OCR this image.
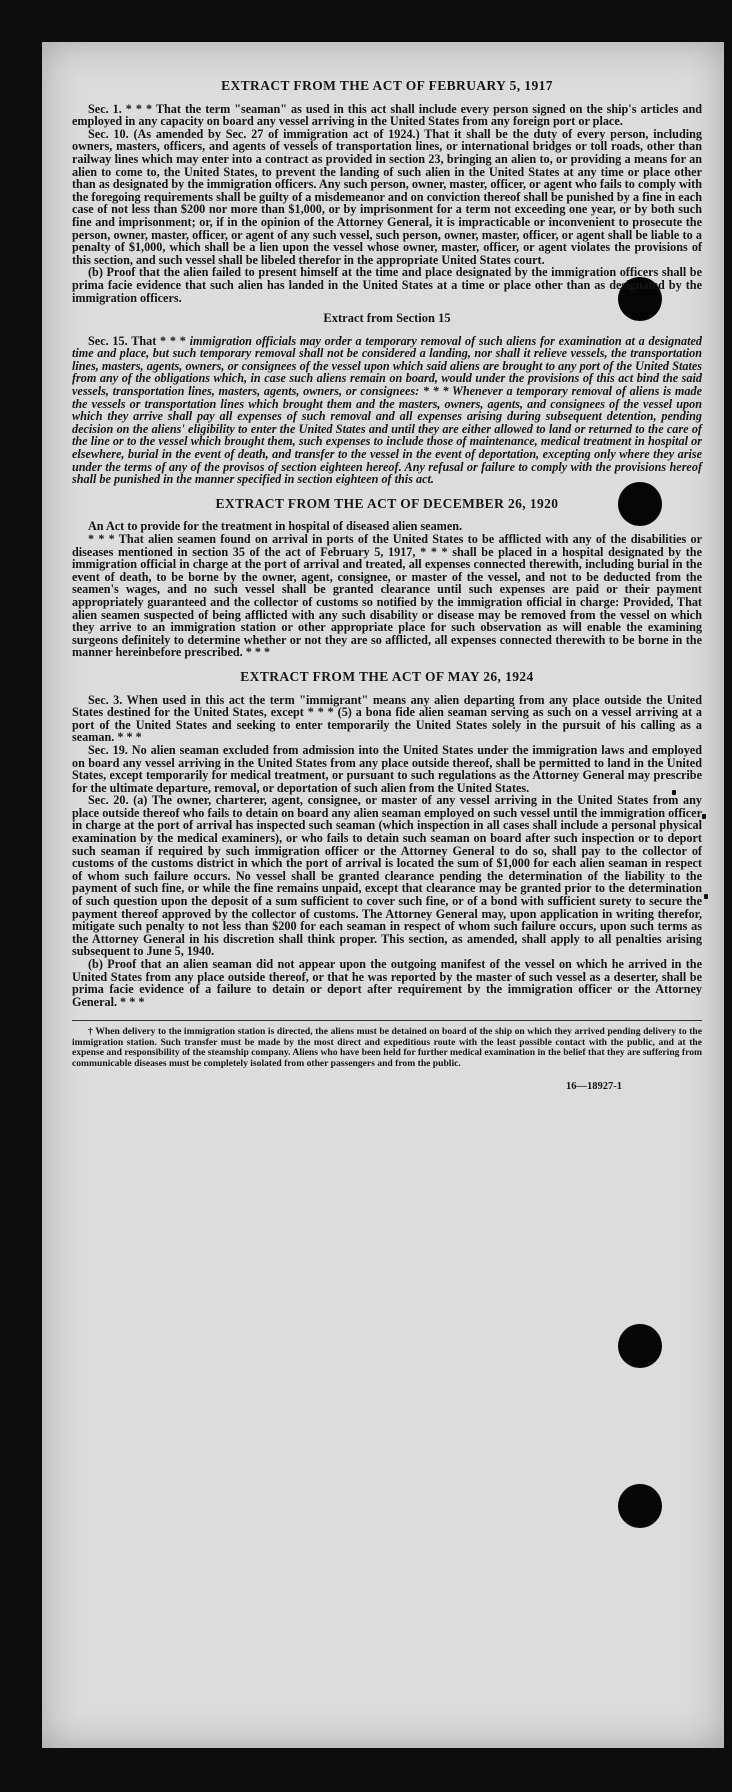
EXTRACT FROM THE ACT OF FEBRUARY 5, 1917

Sec. 1. * * * That the term "seaman" as used in this act shall include every person signed on the ship's articles and employed in any capacity on board any vessel arriving in the United States from any foreign port or place.

Sec. 10. (As amended by Sec. 27 of immigration act of 1924.) That it shall be the duty of every person, including owners, masters, officers, and agents of vessels of transportation lines, or international bridges or toll roads, other than railway lines which may enter into a contract as provided in section 23, bringing an alien to, or providing a means for an alien to come to, the United States, to prevent the landing of such alien in the United States at any time or place other than as designated by the immigration officers. Any such person, owner, master, officer, or agent who fails to comply with the foregoing requirements shall be guilty of a misdemeanor and on conviction thereof shall be punished by a fine in each case of not less than $200 nor more than $1,000, or by imprisonment for a term not exceeding one year, or by both such fine and imprisonment; or, if in the opinion of the Attorney General, it is impracticable or inconvenient to prosecute the person, owner, master, officer, or agent of any such vessel, such person, owner, master, officer, or agent shall be liable to a penalty of $1,000, which shall be a lien upon the vessel whose owner, master, officer, or agent violates the provisions of this section, and such vessel shall be libeled therefor in the appropriate United States court.

(b) Proof that the alien failed to present himself at the time and place designated by the immigration officers shall be prima facie evidence that such alien has landed in the United States at a time or place other than as designated by the immigration officers.

Extract from Section 15

Sec. 15. That * * * immigration officials may order a temporary removal of such aliens for examination at a designated time and place, but such temporary removal shall not be considered a landing, nor shall it relieve vessels, the transportation lines, masters, agents, owners, or consignees of the vessel upon which said aliens are brought to any port of the United States from any of the obligations which, in case such aliens remain on board, would under the provisions of this act bind the said vessels, transportation lines, masters, agents, owners, or consignees: * * * Whenever a temporary removal of aliens is made the vessels or transportation lines which brought them and the masters, owners, agents, and consignees of the vessel upon which they arrive shall pay all expenses of such removal and all expenses arising during subsequent detention, pending decision on the aliens' eligibility to enter the United States and until they are either allowed to land or returned to the care of the line or to the vessel which brought them, such expenses to include those of maintenance, medical treatment in hospital or elsewhere, burial in the event of death, and transfer to the vessel in the event of deportation, excepting only where they arise under the terms of any of the provisos of section eighteen hereof. Any refusal or failure to comply with the provisions hereof shall be punished in the manner specified in section eighteen of this act.

EXTRACT FROM THE ACT OF DECEMBER 26, 1920

An Act to provide for the treatment in hospital of diseased alien seamen.

* * * That alien seamen found on arrival in ports of the United States to be afflicted with any of the disabilities or diseases mentioned in section 35 of the act of February 5, 1917, * * * shall be placed in a hospital designated by the immigration official in charge at the port of arrival and treated, all expenses connected therewith, including burial in the event of death, to be borne by the owner, agent, consignee, or master of the vessel, and not to be deducted from the seamen's wages, and no such vessel shall be granted clearance until such expenses are paid or their payment appropriately guaranteed and the collector of customs so notified by the immigration official in charge: Provided, That alien seamen suspected of being afflicted with any such disability or disease may be removed from the vessel on which they arrive to an immigration station or other appropriate place for such observation as will enable the examining surgeons definitely to determine whether or not they are so afflicted, all expenses connected therewith to be borne in the manner hereinbefore prescribed. * * *

EXTRACT FROM THE ACT OF MAY 26, 1924

Sec. 3. When used in this act the term "immigrant" means any alien departing from any place outside the United States destined for the United States, except * * * (5) a bona fide alien seaman serving as such on a vessel arriving at a port of the United States and seeking to enter temporarily the United States solely in the pursuit of his calling as a seaman. * * *

Sec. 19. No alien seaman excluded from admission into the United States under the immigration laws and employed on board any vessel arriving in the United States from any place outside thereof, shall be permitted to land in the United States, except temporarily for medical treatment, or pursuant to such regulations as the Attorney General may prescribe for the ultimate departure, removal, or deportation of such alien from the United States.

Sec. 20. (a) The owner, charterer, agent, consignee, or master of any vessel arriving in the United States from any place outside thereof who fails to detain on board any alien seaman employed on such vessel until the immigration officer in charge at the port of arrival has inspected such seaman (which inspection in all cases shall include a personal physical examination by the medical examiners), or who fails to detain such seaman on board after such inspection or to deport such seaman if required by such immigration officer or the Attorney General to do so, shall pay to the collector of customs of the customs district in which the port of arrival is located the sum of $1,000 for each alien seaman in respect of whom such failure occurs. No vessel shall be granted clearance pending the determination of the liability to the payment of such fine, or while the fine remains unpaid, except that clearance may be granted prior to the determination of such question upon the deposit of a sum sufficient to cover such fine, or of a bond with sufficient surety to secure the payment thereof approved by the collector of customs. The Attorney General may, upon application in writing therefor, mitigate such penalty to not less than $200 for each seaman in respect of whom such failure occurs, upon such terms as the Attorney General in his discretion shall think proper. This section, as amended, shall apply to all penalties arising subsequent to June 5, 1940.

(b) Proof that an alien seaman did not appear upon the outgoing manifest of the vessel on which he arrived in the United States from any place outside thereof, or that he was reported by the master of such vessel as a deserter, shall be prima facie evidence of a failure to detain or deport after requirement by the immigration officer or the Attorney General. * * *

† When delivery to the immigration station is directed, the aliens must be detained on board of the ship on which they arrived pending delivery to the immigration station. Such transfer must be made by the most direct and expeditious route with the least possible contact with the public, and at the expense and responsibility of the steamship company. Aliens who have been held for further medical examination in the belief that they are suffering from communicable diseases must be completely isolated from other passengers and from the public.

16—18927-1
